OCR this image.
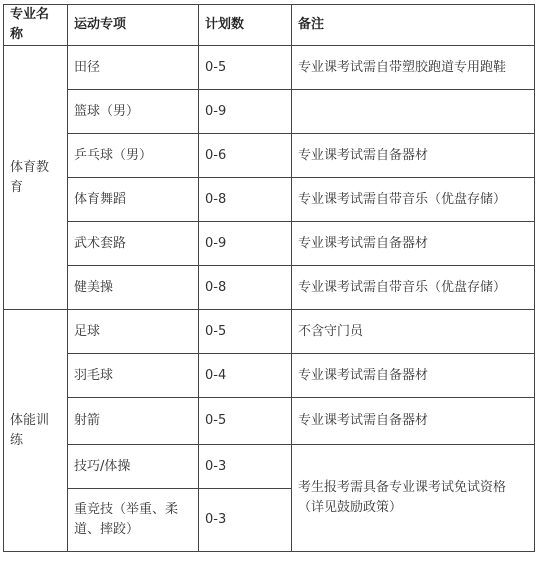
专业名称	运动专项	计划数	备注
体育教育	田径	0-5	专业课考试需自带塑胶跑道专用跑鞋
	篮球（男）	0-9	
	乒乓球（男）	0-6	专业课考试需自备器材
	体育舞蹈	0-8	专业课考试需自带音乐（优盘存储）
	武术套路	0-9	专业课考试需自备器材
	健美操	0-8	专业课考试需自带音乐（优盘存储）
体能训练	足球	0-5	不含守门员
	羽毛球	0-4	专业课考试需自备器材
	射箭	0-5	专业课考试需自备器材
	技巧/体操	0-3	考生报考需具备专业课考试免试资格（详见鼓励政策）
	重竞技（举重、柔道、摔跤）	0-3	
